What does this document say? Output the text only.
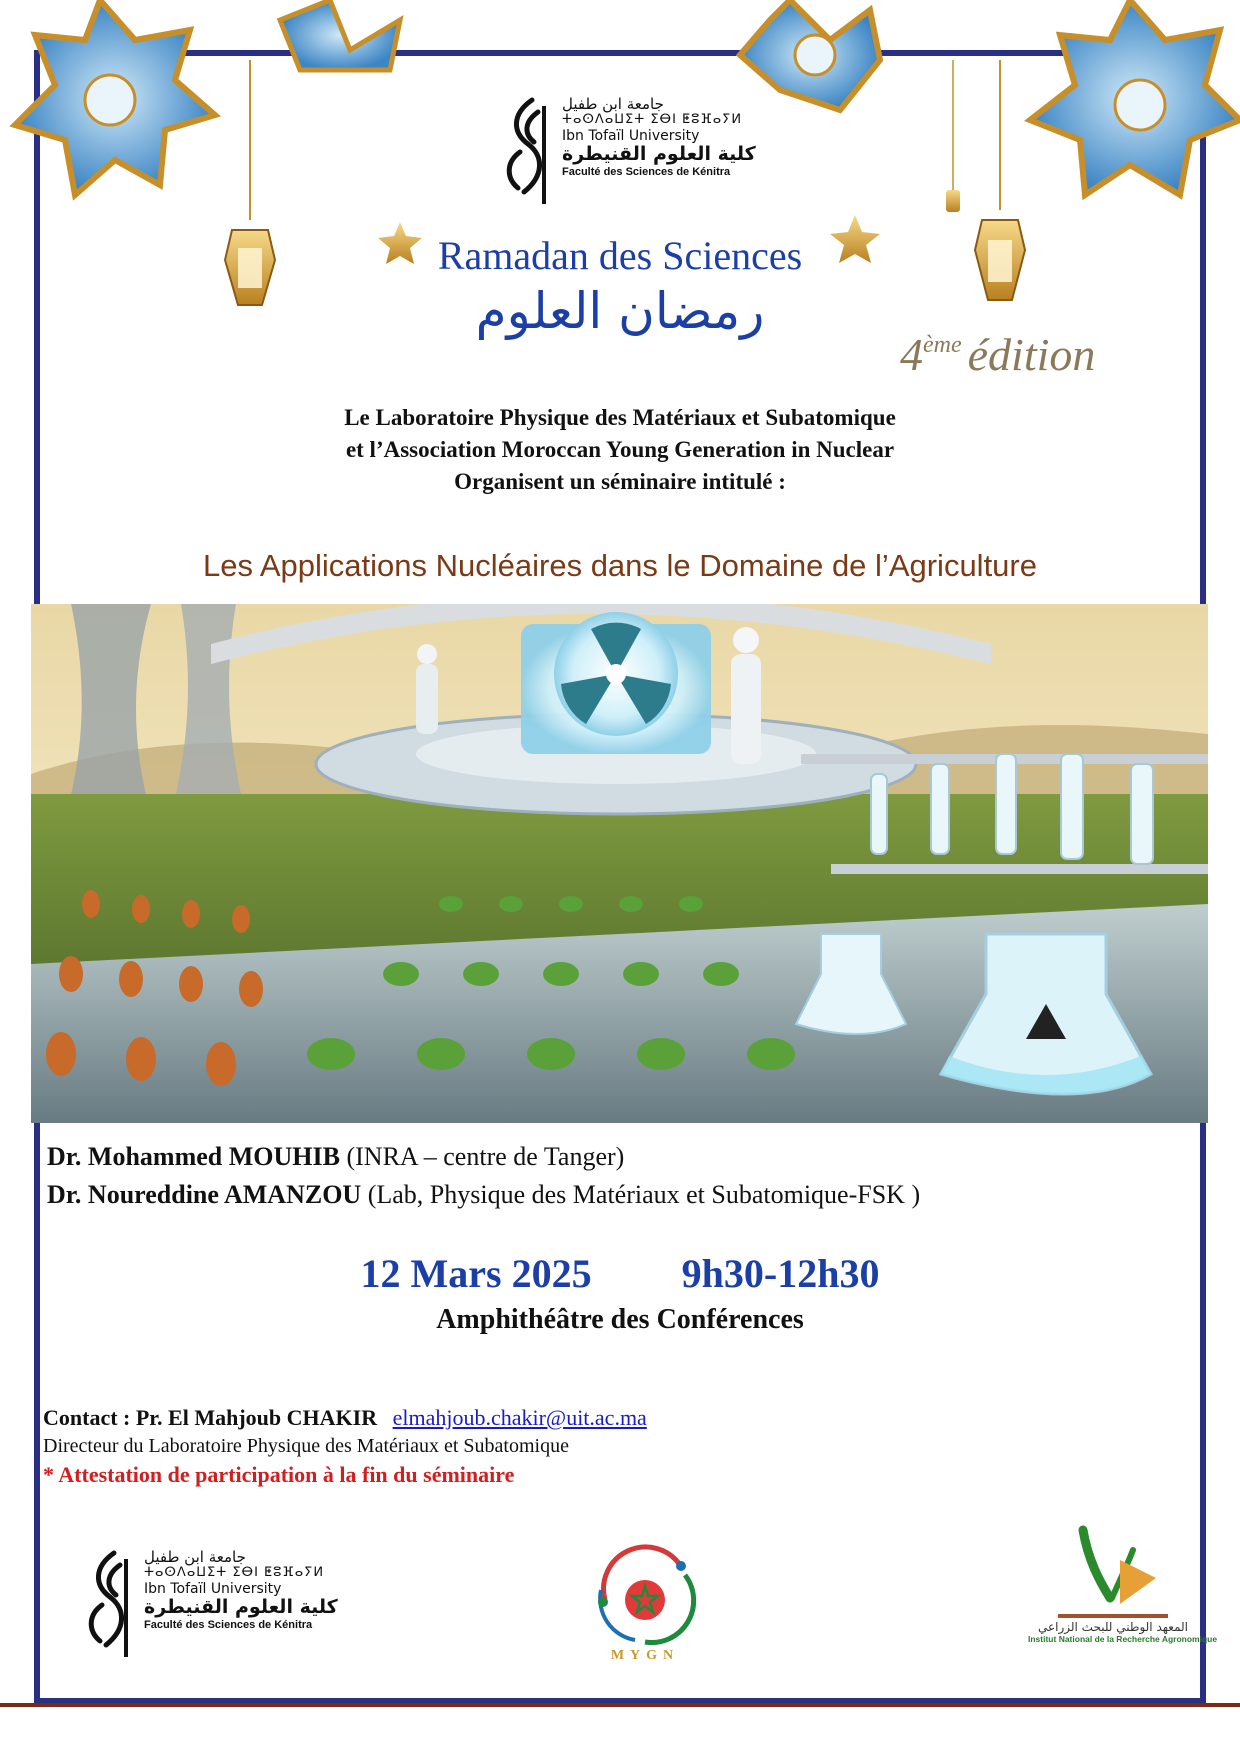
جامعة ابن طفيل
ⵜⴰⵙⴷⴰⵡⵉⵜ ⵉⴱⵏ ⵟⵓⴼⴰⵢⵍ
Ibn Tofaïl University
كلية العلوم القنيطرة
Faculté des Sciences de Kénitra
Ramadan des Sciences
رمضان العلوم
4ème édition
Le Laboratoire Physique des Matériaux et Subatomique
et l’Association Moroccan Young Generation in Nuclear
Organisent un séminaire intitulé :
Les Applications Nucléaires dans le Domaine de l’Agriculture
Dr. Mohammed MOUHIB (INRA – centre de Tanger)
Dr. Noureddine AMANZOU (Lab, Physique des Matériaux et Subatomique-FSK )
12 Mars 2025 9h30-12h30
Amphithéâtre des Conférences
Contact : Pr. El Mahjoub CHAKIR elmahjoub.chakir@uit.ac.ma
Directeur du Laboratoire Physique des Matériaux et Subatomique
* Attestation de participation à la fin du séminaire
جامعة ابن طفيل
ⵜⴰⵙⴷⴰⵡⵉⵜ ⵉⴱⵏ ⵟⵓⴼⴰⵢⵍ
Ibn Tofaïl University
كلية العلوم القنيطرة
Faculté des Sciences de Kénitra
MYGN
المعهد الوطني للبحث الزراعي
Institut National de la Recherche Agronomique
